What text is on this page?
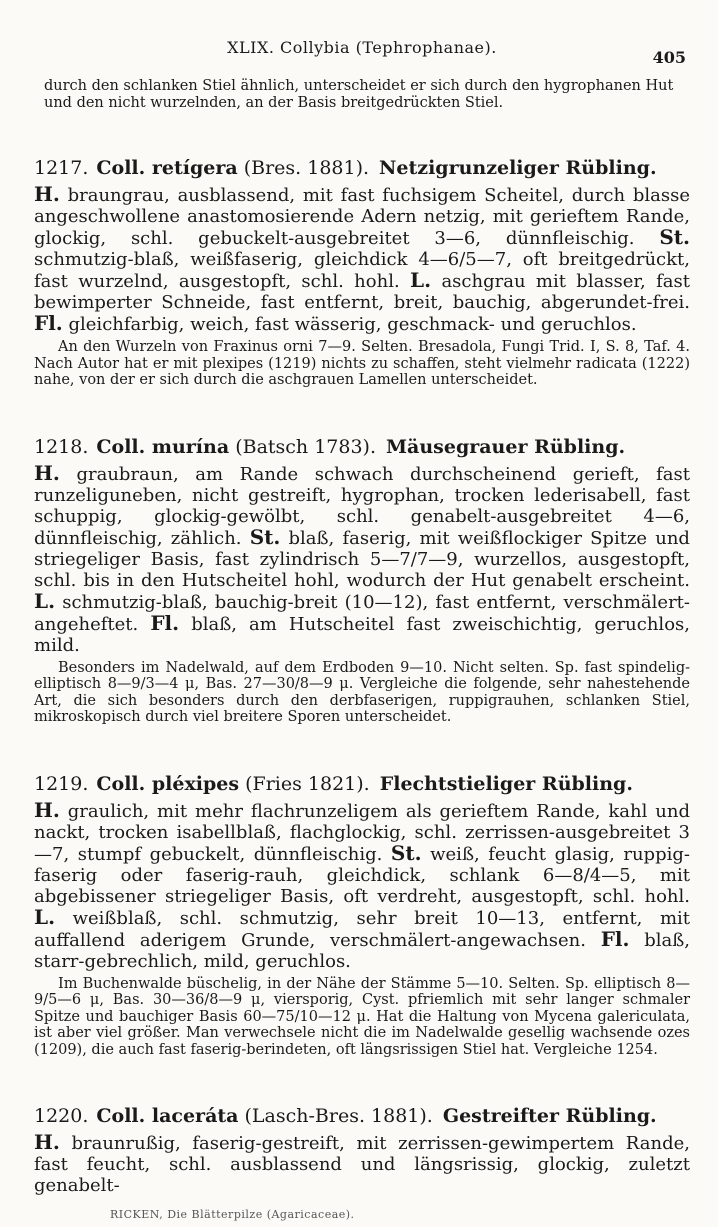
XLIX. Collybia (Tephrophanae).
405

durch den schlanken Stiel ähnlich, unterscheidet er sich durch den hygrophanen Hut und den nicht wurzelnden, an der Basis breitgedrückten Stiel.

1217. Coll. retígera (Bres. 1881). Netzigrunzeliger Rübling.

H. braungrau, ausblassend, mit fast fuchsigem Scheitel, durch blasse angeschwollene anastomosierende Adern netzig, mit gerieftem Rande, glockig, schl. gebuckelt-ausgebreitet 3—6, dünnfleischig. St. schmutzig-blaß, weißfaserig, gleichdick 4—6/5—7, oft breitgedrückt, fast wurzelnd, ausgestopft, schl. hohl. L. aschgrau mit blasser, fast bewimperter Schneide, fast entfernt, breit, bauchig, abgerundet-frei. Fl. gleichfarbig, weich, fast wässerig, geschmack- und geruchlos.

An den Wurzeln von Fraxinus orni 7—9. Selten. Bresadola, Fungi Trid. I, S. 8, Taf. 4. Nach Autor hat er mit plexipes (1219) nichts zu schaffen, steht vielmehr radicata (1222) nahe, von der er sich durch die aschgrauen Lamellen unterscheidet.

1218. Coll. murína (Batsch 1783). Mäusegrauer Rübling.

H. graubraun, am Rande schwach durchscheinend gerieft, fast runzeliguneben, nicht gestreift, hygrophan, trocken lederisabell, fast schuppig, glockig-gewölbt, schl. genabelt-ausgebreitet 4—6, dünnfleischig, zählich. St. blaß, faserig, mit weißflockiger Spitze und striegeliger Basis, fast zylindrisch 5—7/7—9, wurzellos, ausgestopft, schl. bis in den Hutscheitel hohl, wodurch der Hut genabelt erscheint. L. schmutzig-blaß, bauchig-breit (10—12), fast entfernt, verschmälert-angeheftet. Fl. blaß, am Hutscheitel fast zweischichtig, geruchlos, mild.

Besonders im Nadelwald, auf dem Erdboden 9—10. Nicht selten. Sp. fast spindelig-elliptisch 8—9/3—4 μ, Bas. 27—30/8—9 μ. Vergleiche die folgende, sehr nahestehende Art, die sich besonders durch den derbfaserigen, ruppigrauhen, schlanken Stiel, mikroskopisch durch viel breitere Sporen unterscheidet.

1219. Coll. pléxipes (Fries 1821). Flechtstieliger Rübling.

H. graulich, mit mehr flachrunzeligem als gerieftem Rande, kahl und nackt, trocken isabellblaß, flachglockig, schl. zerrissen-ausgebreitet 3—7, stumpf gebuckelt, dünnfleischig. St. weiß, feucht glasig, ruppig-faserig oder faserig-rauh, gleichdick, schlank 6—8/4—5, mit abgebissener striegeliger Basis, oft verdreht, ausgestopft, schl. hohl. L. weißblaß, schl. schmutzig, sehr breit 10—13, entfernt, mit auffallend aderigem Grunde, verschmälert-angewachsen. Fl. blaß, starr-gebrechlich, mild, geruchlos.

Im Buchenwalde büschelig, in der Nähe der Stämme 5—10. Selten. Sp. elliptisch 8—9/5—6 μ, Bas. 30—36/8—9 μ, viersporig, Cyst. pfriemlich mit sehr langer schmaler Spitze und bauchiger Basis 60—75/10—12 μ. Hat die Haltung von Mycena galericulata, ist aber viel größer. Man verwechsele nicht die im Nadelwalde gesellig wachsende ozes (1209), die auch fast faserig-berindeten, oft längsrissigen Stiel hat. Vergleiche 1254.

1220. Coll. laceráta (Lasch-Bres. 1881). Gestreifter Rübling.

H. braunrußig, faserig-gestreift, mit zerrissen-gewimpertem Rande, fast feucht, schl. ausblassend und längsrissig, glockig, zuletzt genabelt-

RICKEN, Die Blätterpilze (Agaricaceae).
